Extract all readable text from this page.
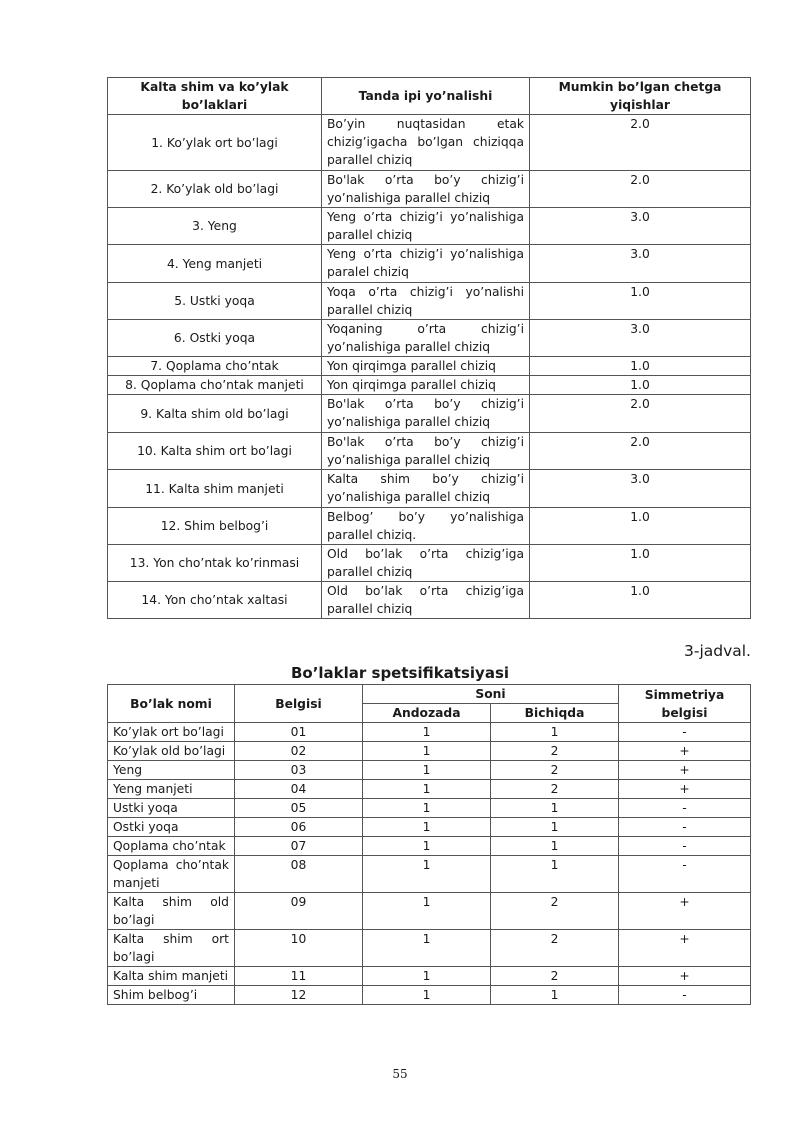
Kalta shim va ko’ylak bo’laklari	Tanda ipi yo’nalishi	Mumkin bo’lgan chetga yiqishlar
1. Ko’ylak ort bo’lagi	Bo’yin nuqtasidan etak chizig’igacha bo’lgan chiziqqa parallel chiziq	2.0
2. Ko’ylak old bo’lagi	Bo'lak o’rta bo’y chizig’i yo’nalishiga parallel chiziq	2.0
3. Yeng	Yeng o’rta chizig’i yo’nalishiga parallel chiziq	3.0
4. Yeng manjeti	Yeng o’rta chizig’i yo’nalishiga paralel chiziq	3.0
5. Ustki yoqa	Yoqa o’rta chizig’i yo’nalishi parallel chiziq	1.0
6. Ostki yoqa	Yoqaning o’rta chizig’i yo’nalishiga parallel chiziq	3.0
7. Qoplama cho’ntak	Yon qirqimga parallel chiziq	1.0
8. Qoplama cho’ntak manjeti	Yon qirqimga parallel chiziq	1.0
9. Kalta shim old bo’lagi	Bo'lak o’rta bo’y chizig’i yo’nalishiga parallel chiziq	2.0
10. Kalta shim ort bo’lagi	Bo'lak o’rta bo’y chizig’i yo’nalishiga parallel chiziq	2.0
11. Kalta shim manjeti	Kalta shim bo’y chizig’i yo’nalishiga parallel chiziq	3.0
12. Shim belbog’i	Belbog’ bo’y yo’nalishiga parallel chiziq.	1.0
13. Yon cho’ntak ko’rinmasi	Old bo’lak o’rta chizig’iga parallel chiziq	1.0
14. Yon cho’ntak xaltasi	Old bo’lak o’rta chizig’iga parallel chiziq	1.0

3-jadval.

Bo’laklar spetsifikatsiyasi

Bo’lak nomi	Belgisi	Soni		Simmetriya belgisi
		Andozada	Bichiqda	
Ko’ylak ort bo’lagi	01	1	1	-
Ko’ylak old bo’lagi	02	1	2	+
Yeng	03	1	2	+
Yeng manjeti	04	1	2	+
Ustki yoqa	05	1	1	-
Ostki yoqa	06	1	1	-
Qoplama cho’ntak	07	1	1	-
Qoplama cho’ntak manjeti	08	1	1	-
Kalta shim old bo’lagi	09	1	2	+
Kalta shim ort bo’lagi	10	1	2	+
Kalta shim manjeti	11	1	2	+
Shim belbog’i	12	1	1	-

55
